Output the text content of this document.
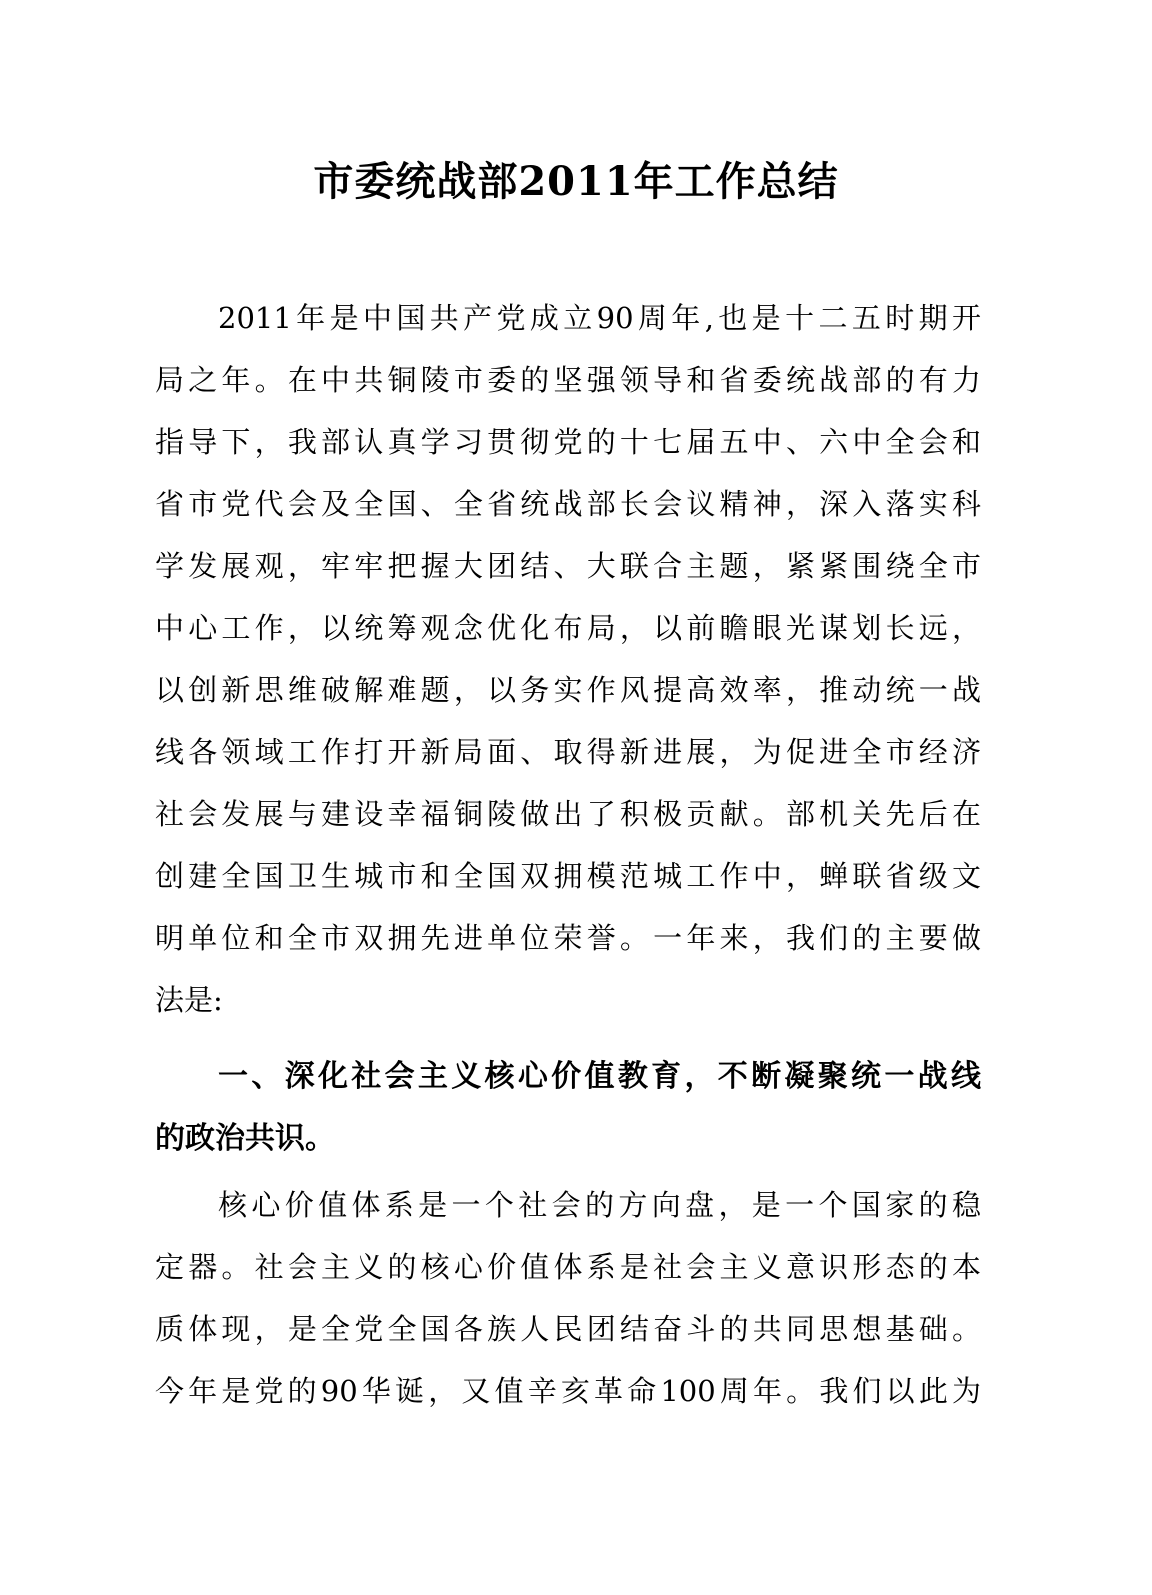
市委统战部2011年工作总结
2011年是中国共产党成立90周年,也是十二五时期开
局之年。在中共铜陵市委的坚强领导和省委统战部的有力
指导下，我部认真学习贯彻党的十七届五中、六中全会和
省市党代会及全国、全省统战部长会议精神，深入落实科
学发展观，牢牢把握大团结、大联合主题，紧紧围绕全市
中心工作，以统筹观念优化布局，以前瞻眼光谋划长远，
以创新思维破解难题，以务实作风提高效率，推动统一战
线各领域工作打开新局面、取得新进展，为促进全市经济
社会发展与建设幸福铜陵做出了积极贡献。部机关先后在
创建全国卫生城市和全国双拥模范城工作中，蝉联省级文
明单位和全市双拥先进单位荣誉。一年来，我们的主要做
法是:
一、深化社会主义核心价值教育，不断凝聚统一战线
的政治共识。
核心价值体系是一个社会的方向盘，是一个国家的稳
定器。社会主义的核心价值体系是社会主义意识形态的本
质体现，是全党全国各族人民团结奋斗的共同思想基础。
今年是党的90华诞，又值辛亥革命100周年。我们以此为
